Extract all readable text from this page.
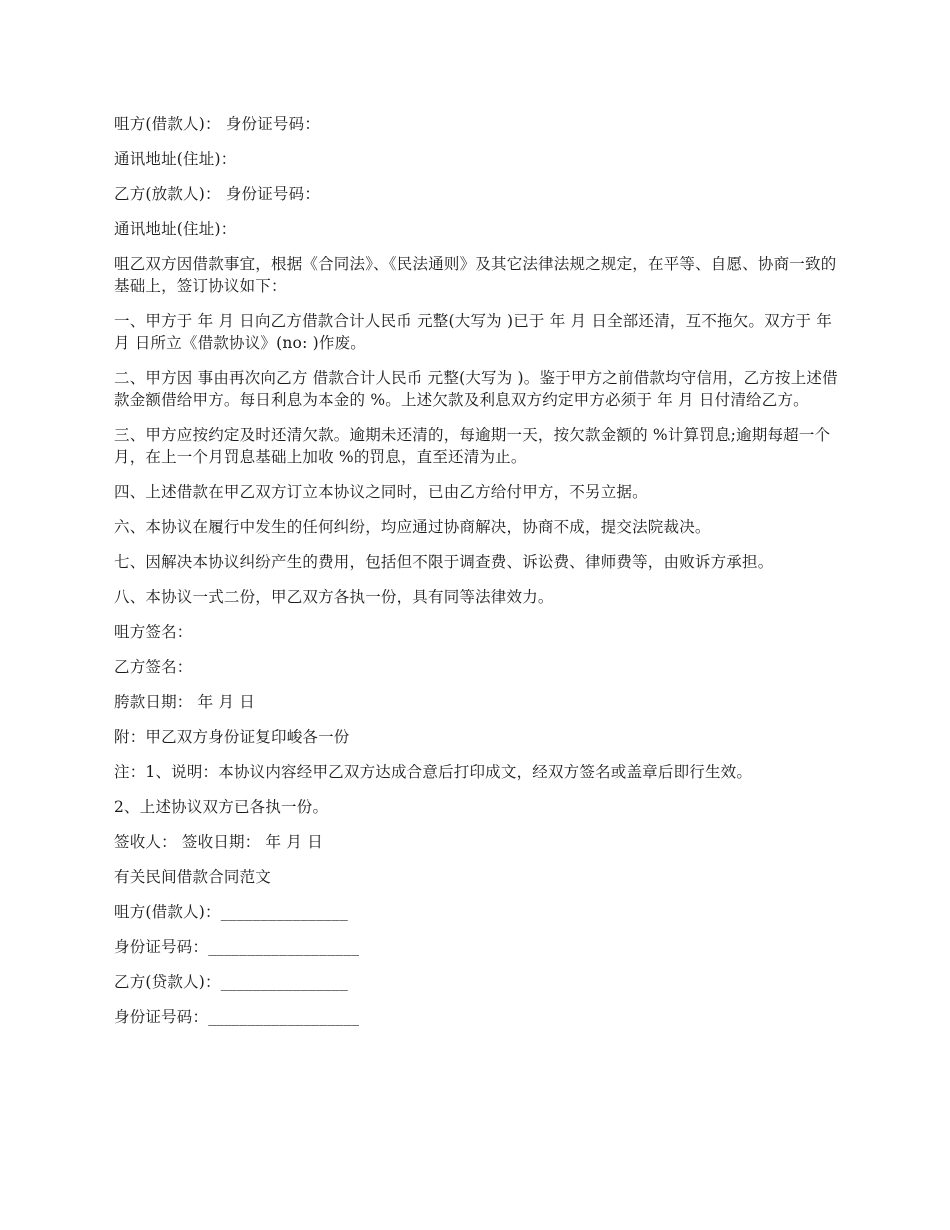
咀方(借款人)： 身份证号码：

通讯地址(住址)：

乙方(放款人)： 身份证号码：

通讯地址(住址)：

咀乙双方因借款事宜，根据《合同法》、《民法通则》及其它法律法规之规定，在平等、自愿、协商一致的基础上，签订协议如下：

一、甲方于 年 月 日向乙方借款合计人民币 元整(大写为 )已于 年 月 日全部还清，互不拖欠。双方于 年 月 日所立《借款协议》(no: )作废。

二、甲方因 事由再次向乙方 借款合计人民币 元整(大写为 )。鉴于甲方之前借款均守信用，乙方按上述借款金额借给甲方。每日利息为本金的 %。上述欠款及利息双方约定甲方必须于 年 月 日付清给乙方。

三、甲方应按约定及时还清欠款。逾期未还清的，每逾期一天，按欠款金额的 %计算罚息;逾期每超一个月，在上一个月罚息基础上加收 %的罚息，直至还清为止。

四、上述借款在甲乙双方订立本协议之同时，已由乙方给付甲方，不另立据。

六、本协议在履行中发生的任何纠纷，均应通过协商解决，协商不成，提交法院裁决。

七、因解决本协议纠纷产生的费用，包括但不限于调查费、诉讼费、律师费等，由败诉方承担。

八、本协议一式二份，甲乙双方各执一份，具有同等法律效力。

咀方签名：

乙方签名：

胯款日期： 年 月 日

附：甲乙双方身份证复印峻各一份

注：1、说明：本协议内容经甲乙双方达成合意后打印成文，经双方签名或盖章后即行生效。

2、上述协议双方已各执一份。

签收人： 签收日期： 年 月 日

有关民间借款合同范文

咀方(借款人)：________________

身份证号码：___________________

乙方(贷款人)：________________

身份证号码：___________________
